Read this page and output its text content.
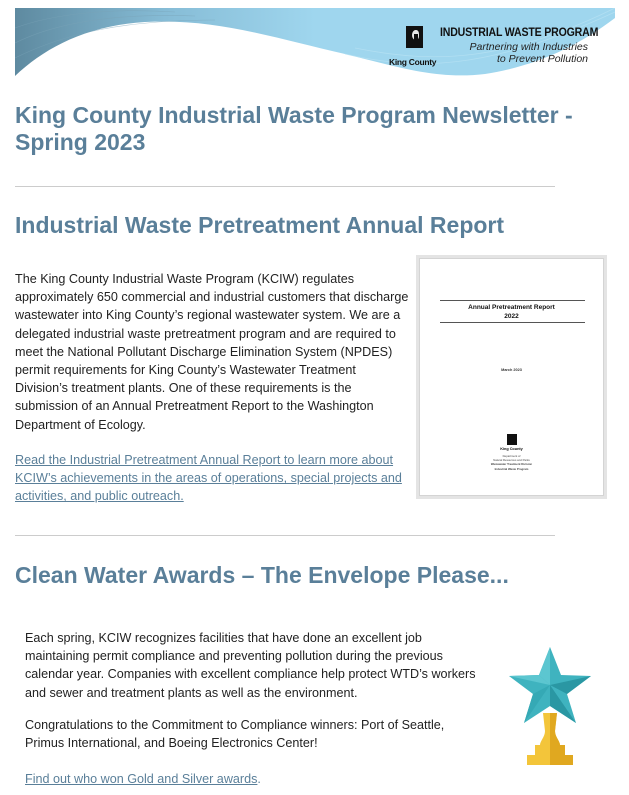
King County
INDUSTRIAL WASTE PROGRAM
Partnering with Industries
to Prevent Pollution
King County Industrial Waste Program Newsletter - Spring 2023
Industrial Waste Pretreatment Annual Report

The King County Industrial Waste Program (KCIW) regulates approximately 650 commercial and industrial customers that discharge wastewater into King County’s regional wastewater system. We are a delegated industrial waste pretreatment program and are required to meet the National Pollutant Discharge Elimination System (NPDES) permit requirements for King County’s Wastewater Treatment Division’s treatment plants. One of these requirements is the submission of an Annual Pretreatment Report to the Washington Department of Ecology.

Read the Industrial Pretreatment Annual Report to learn more about KCIW’s achievements in the areas of operations, special projects and activities, and public outreach.

Annual Pretreatment Report
2022
March 2023
King County
Department of
Natural Resources and Parks
Wastewater Treatment Division
Industrial Waste Program
Clean Water Awards – The Envelope Please...

Each spring, KCIW recognizes facilities that have done an excellent job maintaining permit compliance and preventing pollution during the previous calendar year. Companies with excellent compliance help protect WTD’s workers and sewer and treatment plants as well as the environment.

Congratulations to the Commitment to Compliance winners: Port of Seattle, Primus International, and Boeing Electronics Center!

Find out who won Gold and Silver awards.
